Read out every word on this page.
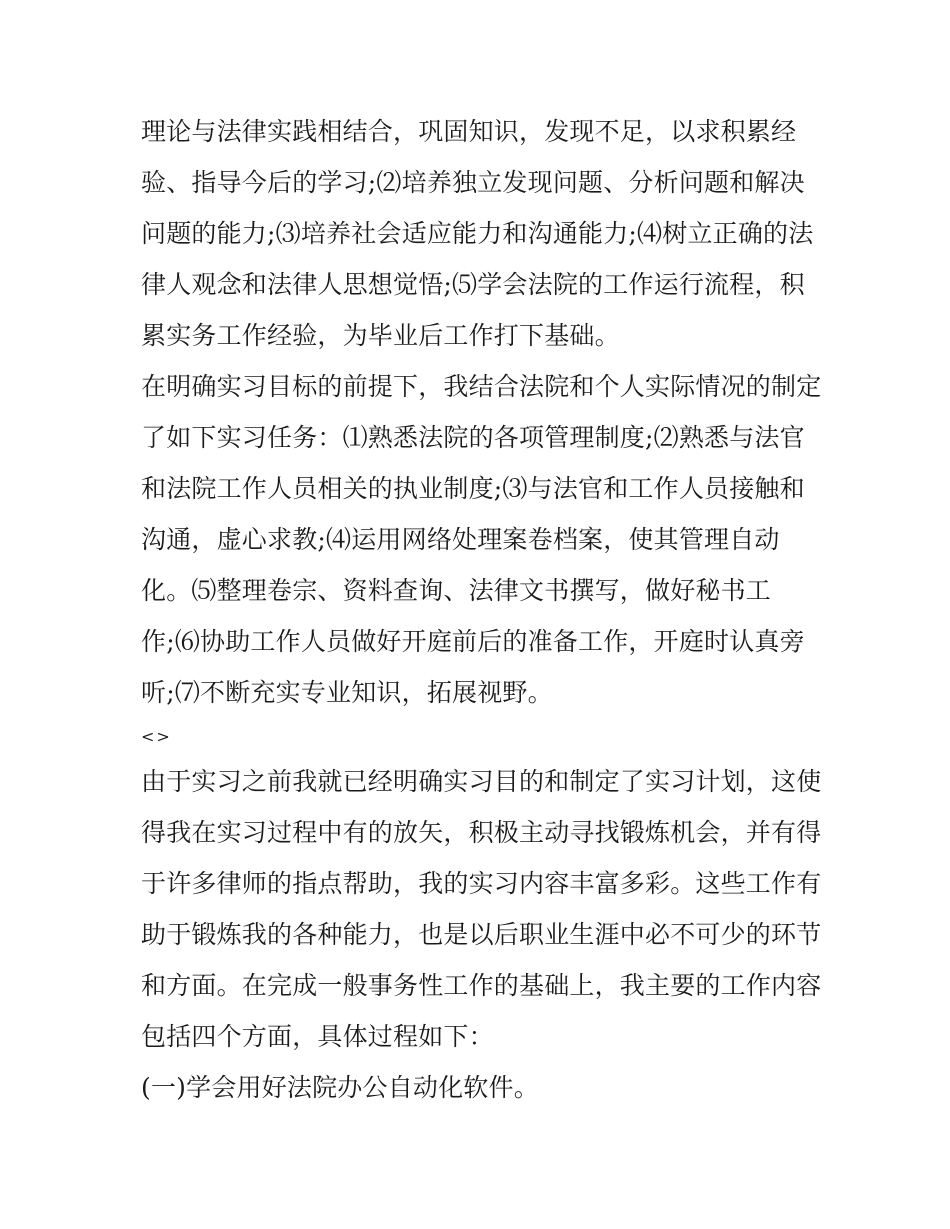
理论与法律实践相结合，巩固知识，发现不足，以求积累经
验、指导今后的学习;⑵培养独立发现问题、分析问题和解决
问题的能力;⑶培养社会适应能力和沟通能力;⑷树立正确的法
律人观念和法律人思想觉悟;⑸学会法院的工作运行流程，积
累实务工作经验，为毕业后工作打下基础。
在明确实习目标的前提下，我结合法院和个人实际情况的制定
了如下实习任务：⑴熟悉法院的各项管理制度;⑵熟悉与法官
和法院工作人员相关的执业制度;⑶与法官和工作人员接触和
沟通，虚心求教;⑷运用网络处理案卷档案，使其管理自动
化。⑸整理卷宗、资料查询、法律文书撰写，做好秘书工
作;⑹协助工作人员做好开庭前后的准备工作，开庭时认真旁
听;⑺不断充实专业知识，拓展视野。
<>
由于实习之前我就已经明确实习目的和制定了实习计划，这使
得我在实习过程中有的放矢，积极主动寻找锻炼机会，并有得
于许多律师的指点帮助，我的实习内容丰富多彩。这些工作有
助于锻炼我的各种能力，也是以后职业生涯中必不可少的环节
和方面。在完成一般事务性工作的基础上，我主要的工作内容
包括四个方面，具体过程如下：
(一)学会用好法院办公自动化软件。
